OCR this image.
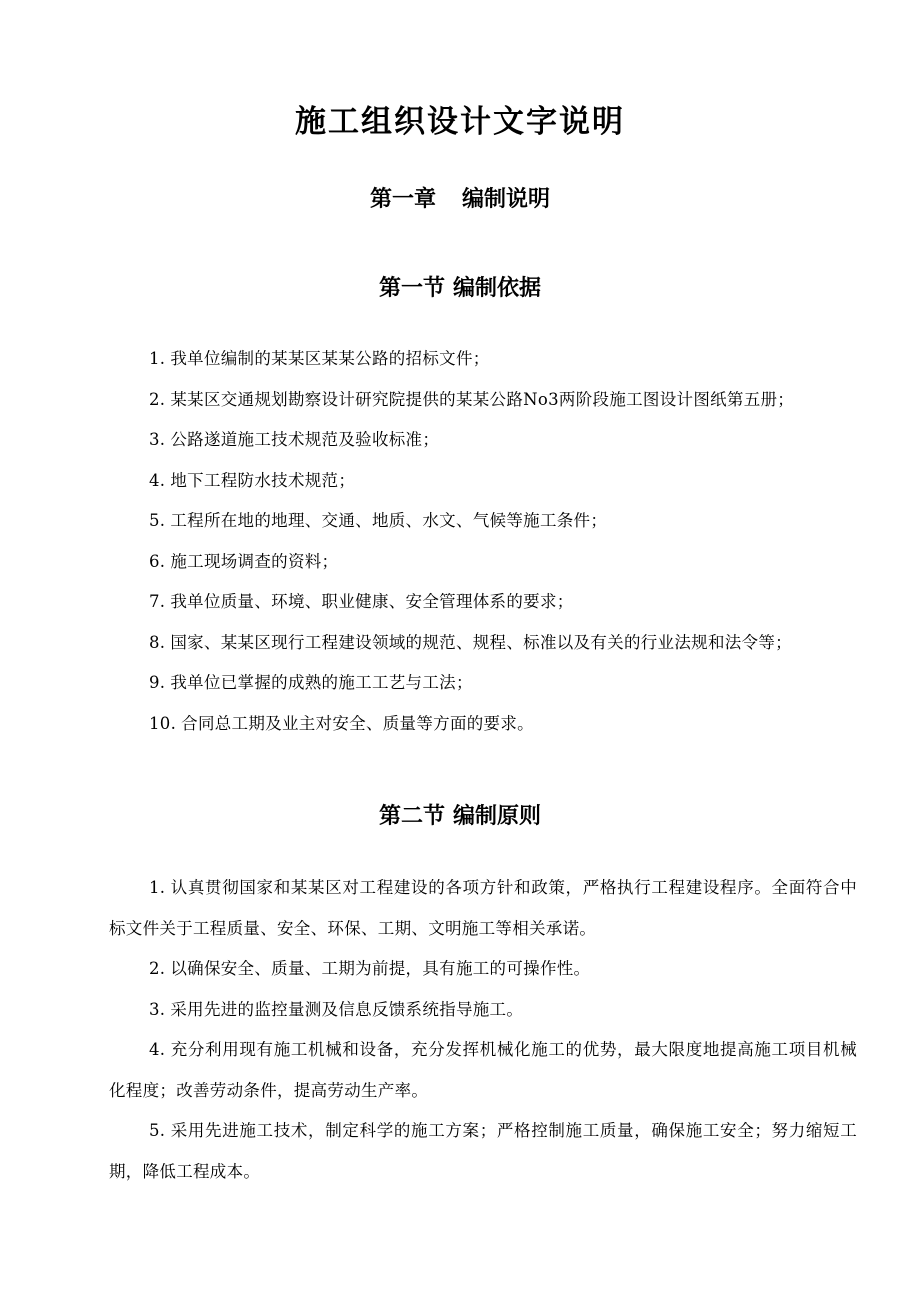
施工组织设计文字说明
第一章 编制说明
第一节 编制依据
1. 我单位编制的某某区某某公路的招标文件；
2. 某某区交通规划勘察设计研究院提供的某某公路No3两阶段施工图设计图纸第五册；
3. 公路遂道施工技术规范及验收标准；
4. 地下工程防水技术规范；
5. 工程所在地的地理、交通、地质、水文、气候等施工条件；
6. 施工现场调查的资料；
7. 我单位质量、环境、职业健康、安全管理体系的要求；
8. 国家、某某区现行工程建设领域的规范、规程、标准以及有关的行业法规和法令等；
9. 我单位已掌握的成熟的施工工艺与工法；
10. 合同总工期及业主对安全、质量等方面的要求。
第二节 编制原则
1. 认真贯彻国家和某某区对工程建设的各项方针和政策，严格执行工程建设程序。全面符合中标文件关于工程质量、安全、环保、工期、文明施工等相关承诺。
2. 以确保安全、质量、工期为前提，具有施工的可操作性。
3. 采用先进的监控量测及信息反馈系统指导施工。
4. 充分利用现有施工机械和设备，充分发挥机械化施工的优势，最大限度地提高施工项目机械化程度；改善劳动条件，提高劳动生产率。
5. 采用先进施工技术，制定科学的施工方案；严格控制施工质量，确保施工安全；努力缩短工期，降低工程成本。
